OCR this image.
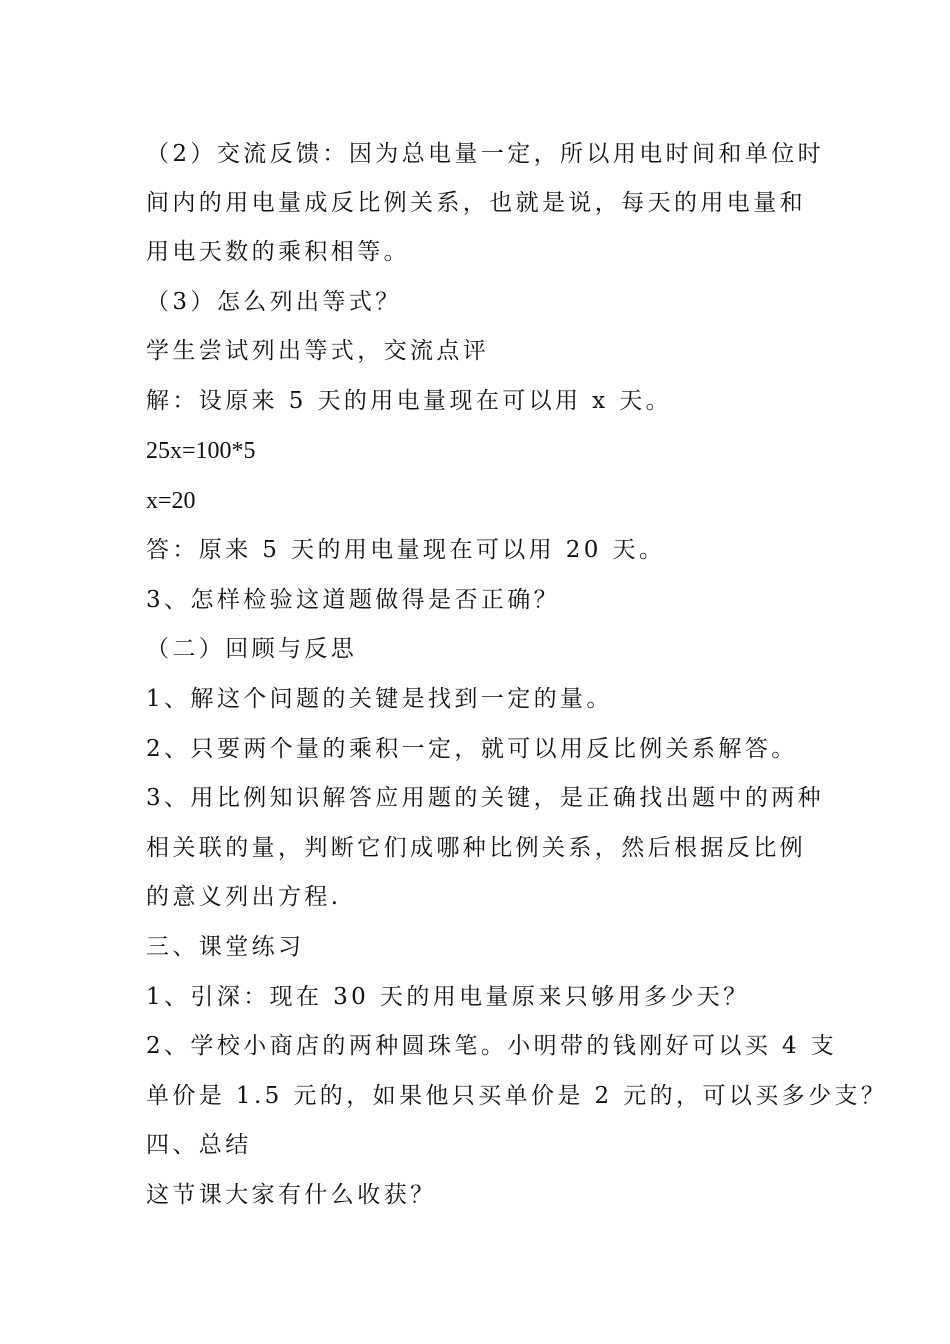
（2）交流反馈：因为总电量一定，所以用电时间和单位时
间内的用电量成反比例关系，也就是说，每天的用电量和
用电天数的乘积相等。
（3）怎么列出等式？
学生尝试列出等式，交流点评
解：设原来 5 天的用电量现在可以用 x 天。
25x=100*5
x=20
答：原来 5 天的用电量现在可以用 20 天。
3、怎样检验这道题做得是否正确？
（二）回顾与反思
1、解这个问题的关键是找到一定的量。
2、只要两个量的乘积一定，就可以用反比例关系解答。
3、用比例知识解答应用题的关键，是正确找出题中的两种
相关联的量，判断它们成哪种比例关系，然后根据反比例
的意义列出方程.
三、课堂练习
1、引深：现在 30 天的用电量原来只够用多少天？
2、学校小商店的两种圆珠笔。小明带的钱刚好可以买 4 支
单价是 1.5 元的，如果他只买单价是 2 元的，可以买多少支？
四、总结
这节课大家有什么收获？
